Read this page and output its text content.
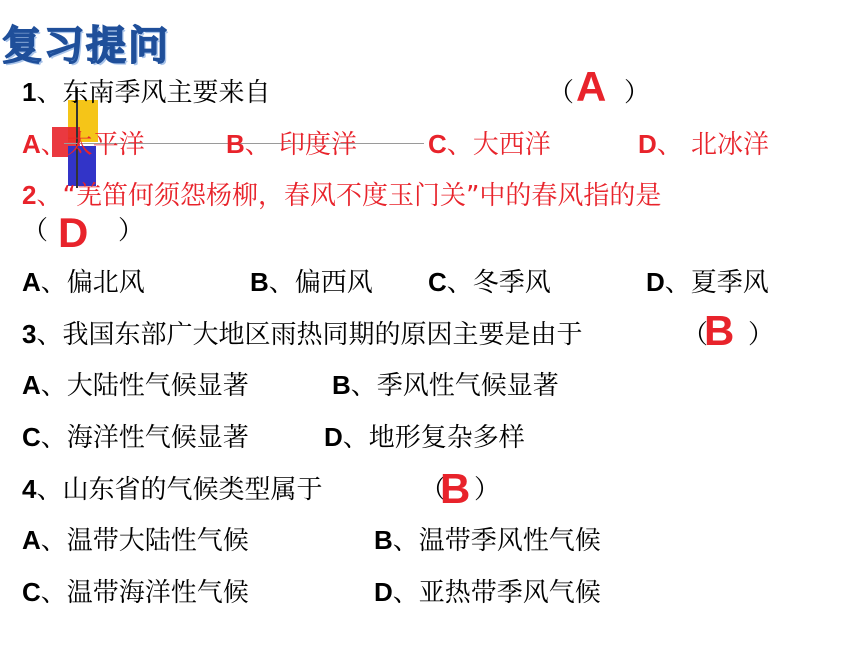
复习提问
1、东南季风主要来自	（ A ）
A、太平洋	B、 印度洋	C、大西洋	D、 北冰洋
2、“羌笛何须怨杨柳，春风不度玉门关”中的春风指的是
（ D ）
A、偏北风	B、偏西风 C、冬季风	D、夏季风
3、我国东部广大地区雨热同期的原因主要是由于	（
B ）
A、大陆性气候显著	B、季风性气候显著
C、海洋性气候显著	D、地形复杂多样
4、山东省的气候类型属于	（
B ）
A、温带大陆性气候	B、温带季风性气候
C、温带海洋性气候	D、亚热带季风气候
